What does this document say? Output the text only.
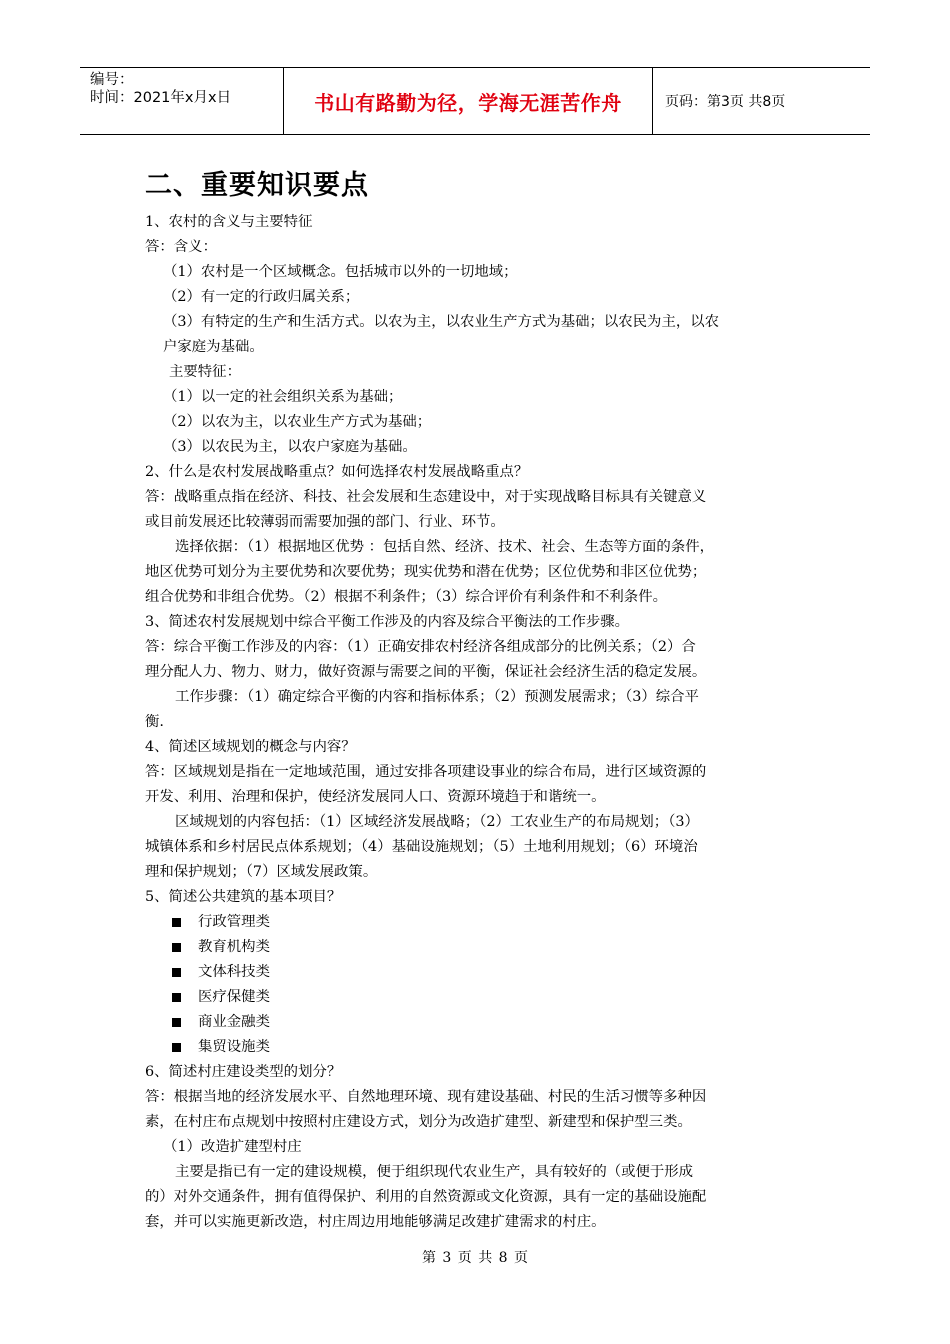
编号：
时间：2021年x月x日	书山有路勤为径，学海无涯苦作舟	页码：第3页 共8页
二、重要知识要点

1、农村的含义与主要特征

答：含义：

（1）农村是一个区域概念。包括城市以外的一切地域；

（2）有一定的行政归属关系；

（3）有特定的生产和生活方式。以农为主，以农业生产方式为基础；以农民为主，以农

户家庭为基础。

主要特征：

（1）以一定的社会组织关系为基础；

（2）以农为主，以农业生产方式为基础；

（3）以农民为主，以农户家庭为基础。

2、什么是农村发展战略重点？如何选择农村发展战略重点？

答：战略重点指在经济、科技、社会发展和生态建设中，对于实现战略目标具有关键意义

或目前发展还比较薄弱而需要加强的部门、行业、环节。

选择依据：（1）根据地区优势 ：包括自然、经济、技术、社会、生态等方面的条件，

地区优势可划分为主要优势和次要优势；现实优势和潜在优势；区位优势和非区位优势；

组合优势和非组合优势。（2）根据不利条件；（3）综合评价有利条件和不利条件。

3、简述农村发展规划中综合平衡工作涉及的内容及综合平衡法的工作步骤。

答：综合平衡工作涉及的内容：（1）正确安排农村经济各组成部分的比例关系；（2）合

理分配人力、物力、财力，做好资源与需要之间的平衡，保证社会经济生活的稳定发展。

工作步骤：（1）确定综合平衡的内容和指标体系；（2）预测发展需求；（3）综合平

衡.

4、简述区域规划的概念与内容？

答：区域规划是指在一定地域范围，通过安排各项建设事业的综合布局，进行区域资源的

开发、利用、治理和保护，使经济发展同人口、资源环境趋于和谐统一。

区域规划的内容包括：（1）区域经济发展战略；（2）工农业生产的布局规划；（3）

城镇体系和乡村居民点体系规划；（4）基础设施规划；（5）土地利用规划；（6）环境治

理和保护规划；（7）区域发展政策。

5、简述公共建筑的基本项目？

行政管理类
教育机构类
文体科技类
医疗保健类
商业金融类
集贸设施类

6、简述村庄建设类型的划分？

答：根据当地的经济发展水平、自然地理环境、现有建设基础、村民的生活习惯等多种因

素，在村庄布点规划中按照村庄建设方式，划分为改造扩建型、新建型和保护型三类。

（1）改造扩建型村庄

主要是指已有一定的建设规模，便于组织现代农业生产，具有较好的（或便于形成

的）对外交通条件，拥有值得保护、利用的自然资源或文化资源，具有一定的基础设施配

套，并可以实施更新改造，村庄周边用地能够满足改建扩建需求的村庄。

第 3 页 共 8 页
